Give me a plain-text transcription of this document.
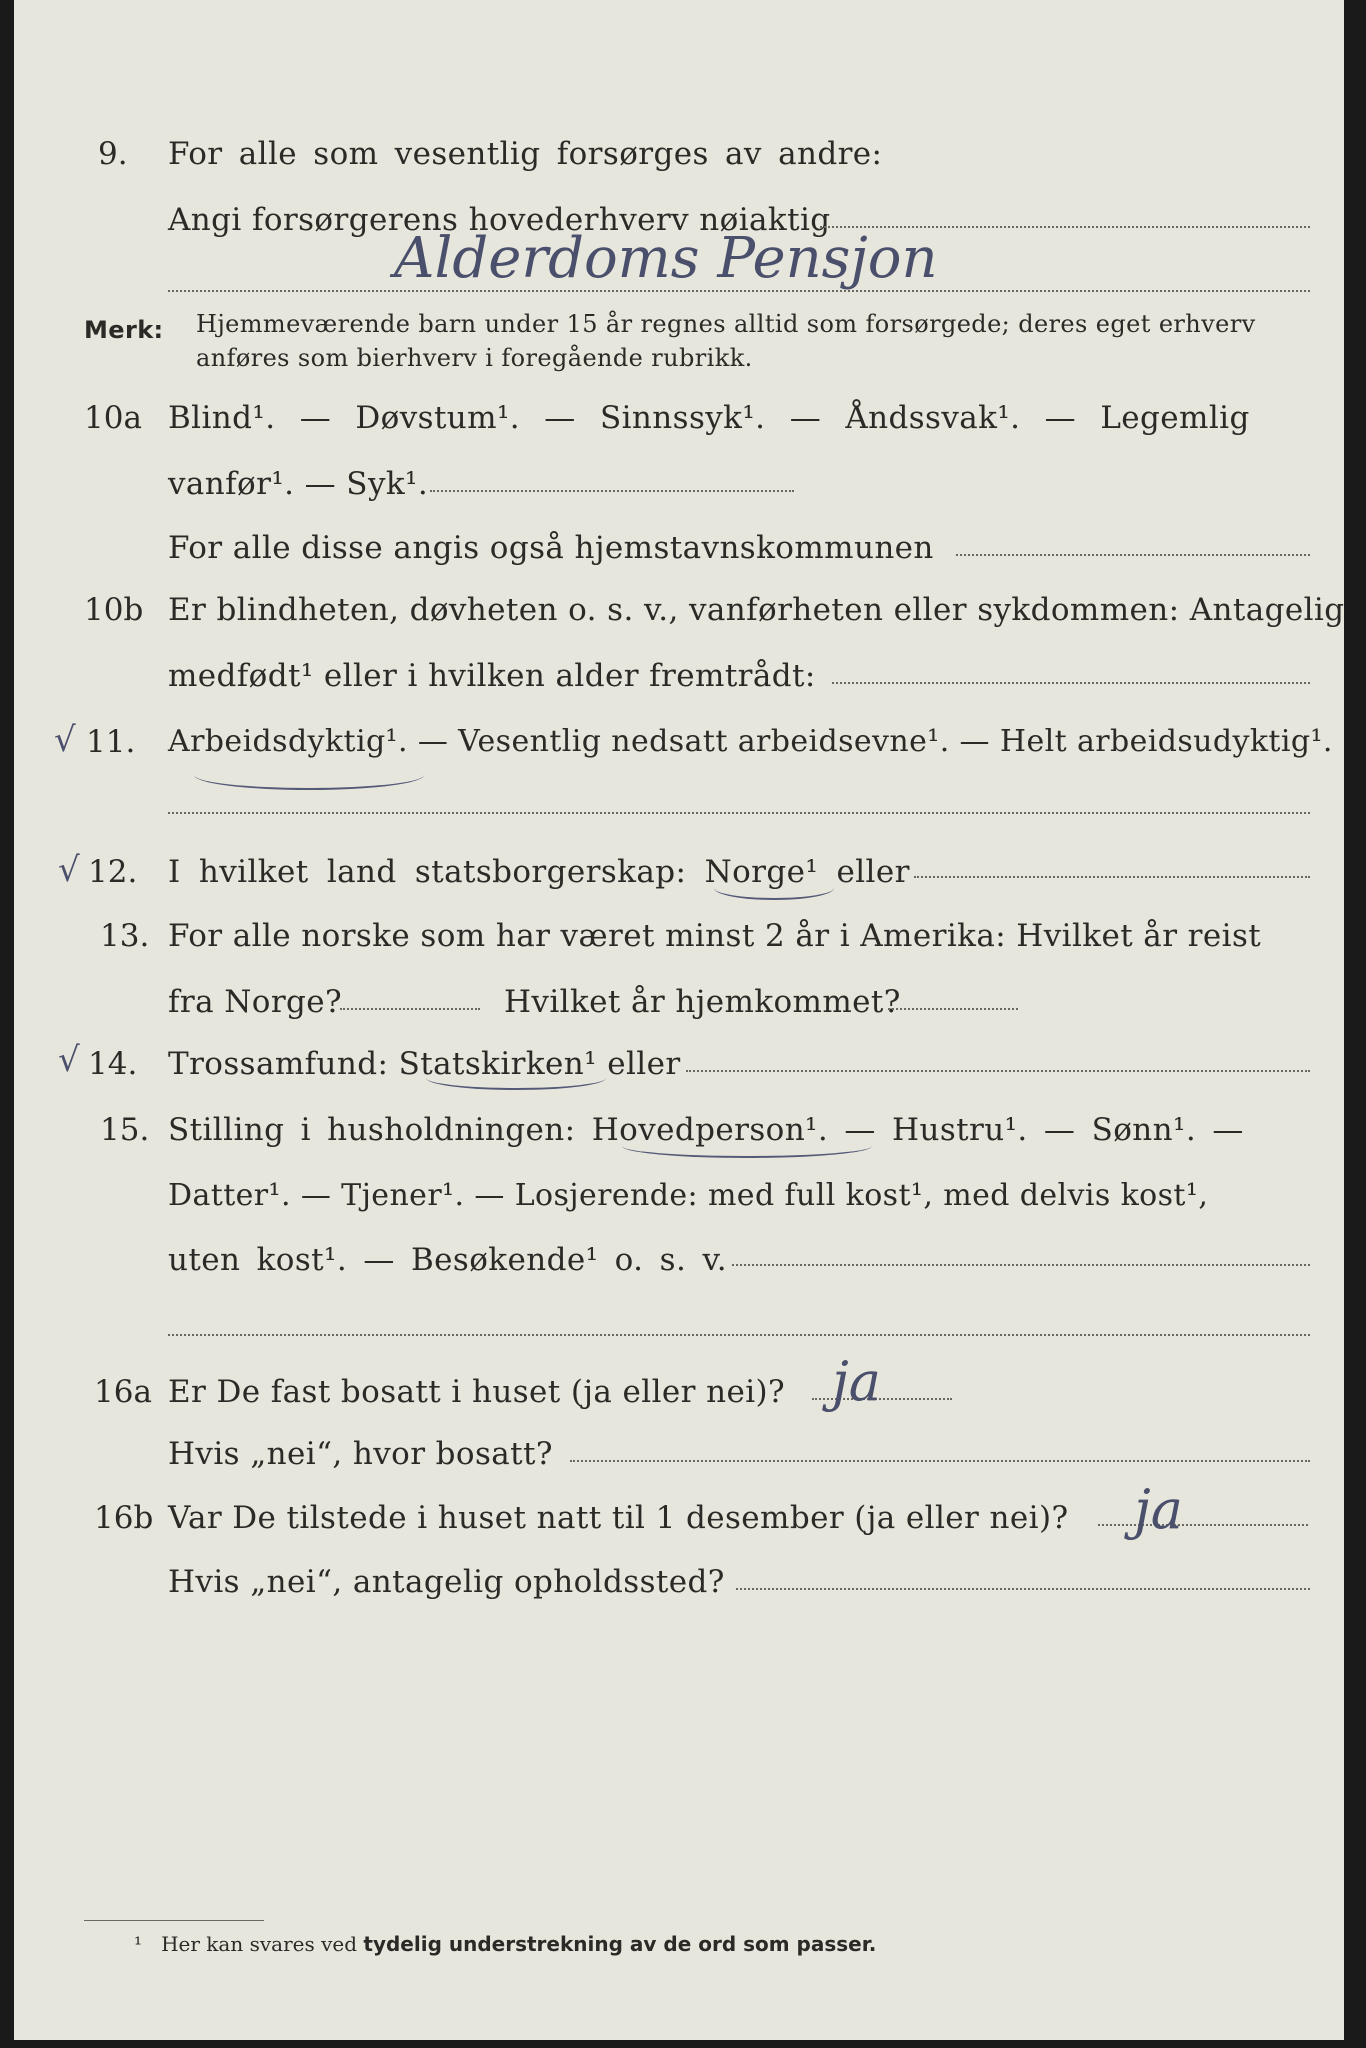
9. For alle som vesentlig forsørges av andre:
Angi forsørgerens hovederhverv nøiaktig
Alderdoms Pensjon
Merk: Hjemmeværende barn under 15 år regnes alltid som forsørgede; deres eget erhverv
anføres som bierhverv i foregående rubrikk.
10a Blind¹. — Døvstum¹. — Sinnssyk¹. — Åndssvak¹. — Legemlig
vanfør¹. — Syk¹.
For alle disse angis også hjemstavnskommunen
10b Er blindheten, døvheten o. s. v., vanførheten eller sykdommen: Antagelig
medfødt¹ eller i hvilken alder fremtrådt:
√ 11. Arbeidsdyktig¹. — Vesentlig nedsatt arbeidsevne¹. — Helt arbeidsudyktig¹.
√ 12. I hvilket land statsborgerskap: Norge¹ eller
13. For alle norske som har været minst 2 år i Amerika: Hvilket år reist
fra Norge?	Hvilket år hjemkommet?
√ 14. Trossamfund: Statskirken¹ eller
15. Stilling i husholdningen: Hovedperson¹. — Hustru¹. — Sønn¹. —
Datter¹. — Tjener¹. — Losjerende: med full kost¹, med delvis kost¹,
uten kost¹. — Besøkende¹ o. s. v.
16a Er De fast bosatt i huset (ja eller nei)? ja
Hvis „nei“, hvor bosatt?
16b Var De tilstede i huset natt til 1 desember (ja eller nei)? ja
Hvis „nei“, antagelig opholdssted?
¹ Her kan svares ved tydelig understrekning av de ord som passer.
